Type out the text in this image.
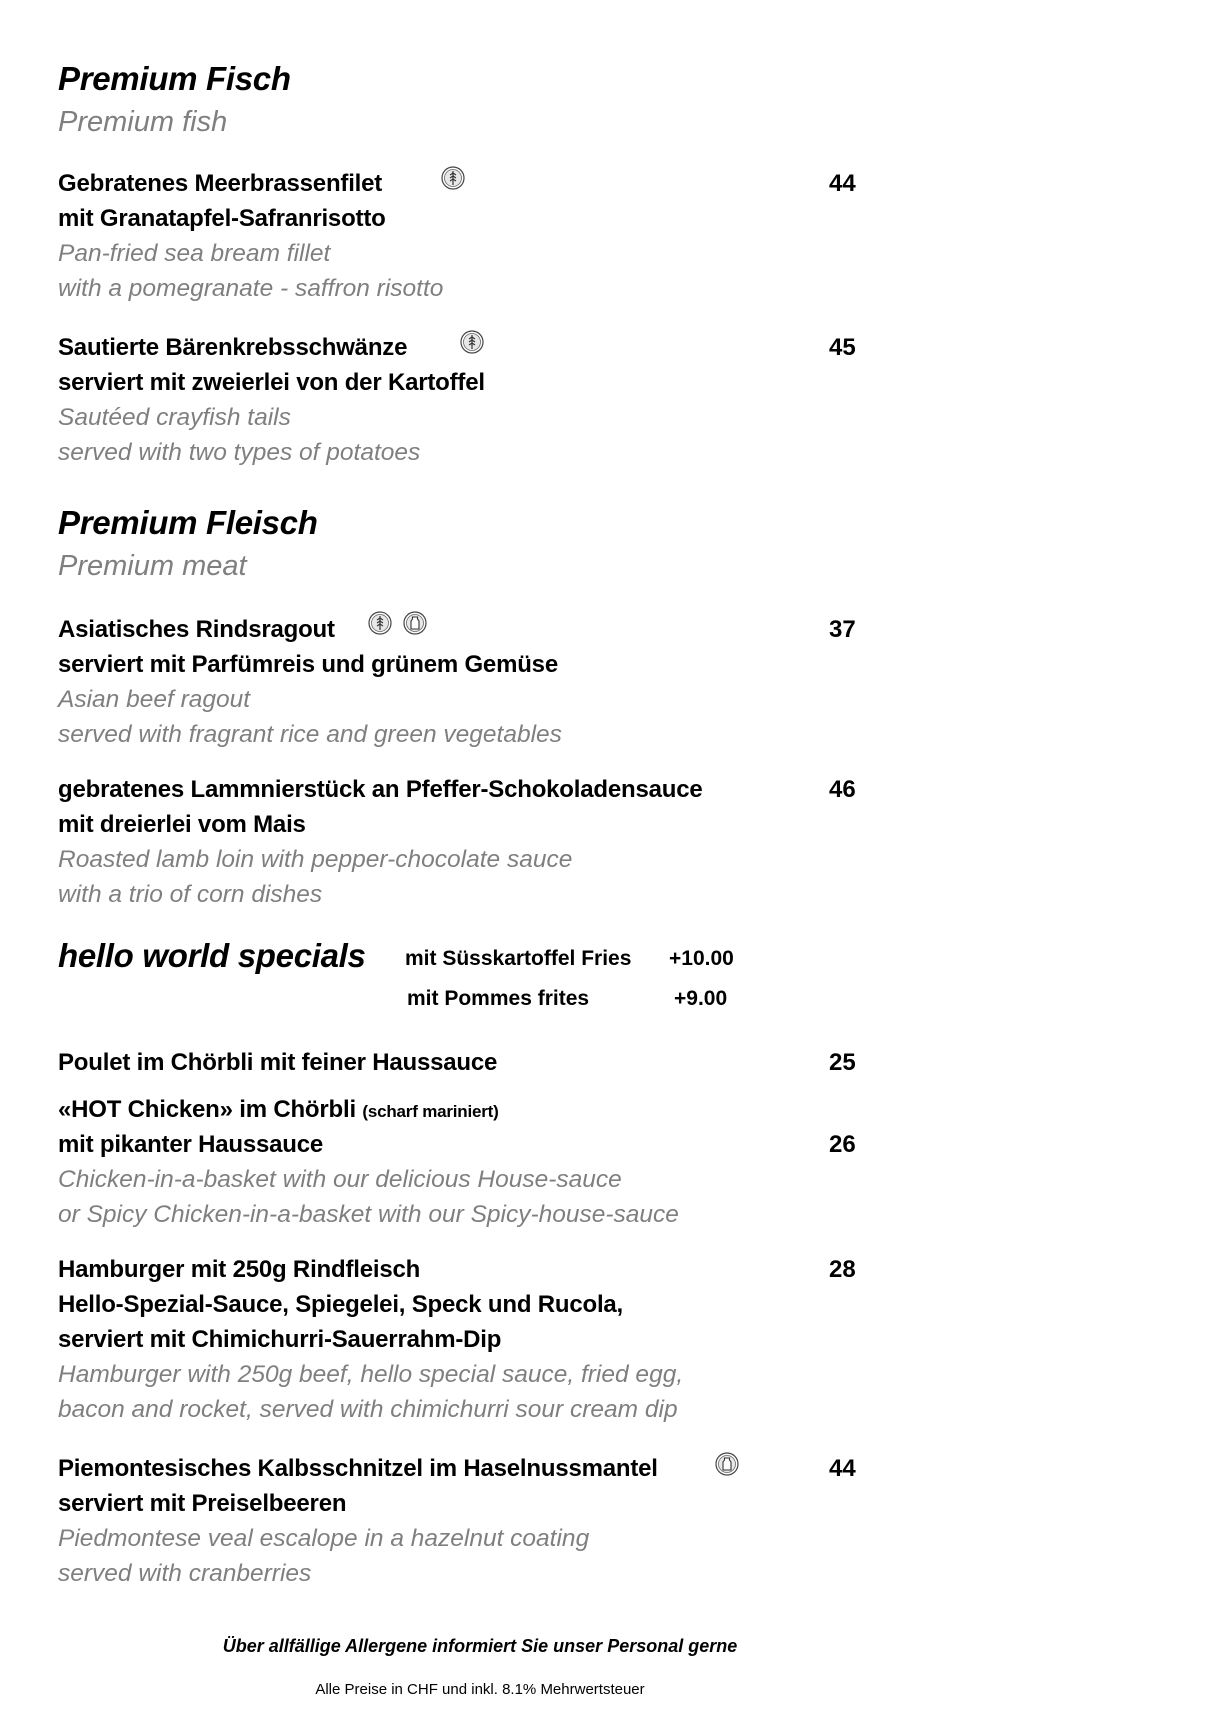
Premium Fisch
Premium fish
Gebratenes Meerbrassenfilet	44
mit Granatapfel-Safranrisotto
Pan-fried sea bream fillet
with a pomegranate - saffron risotto
Sautierte Bärenkrebsschwänze	45
serviert mit zweierlei von der Kartoffel
Sautéed crayfish tails
served with two types of potatoes
Premium Fleisch
Premium meat
Asiatisches Rindsragout	37
serviert mit Parfümreis und grünem Gemüse
Asian beef ragout
served with fragrant rice and green vegetables
gebratenes Lammnierstück an Pfeffer-Schokoladensauce	46
mit dreierlei vom Mais
Roasted lamb loin with pepper-chocolate sauce
with a trio of corn dishes
hello world specials mit Süsskartoffel Fries +10.00
mit Pommes frites	+9.00
Poulet im Chörbli mit feiner Haussauce	25
«HOT Chicken» im Chörbli (scharf mariniert)
mit pikanter Haussauce	26
Chicken-in-a-basket with our delicious House-sauce
or Spicy Chicken-in-a-basket with our Spicy-house-sauce
Hamburger mit 250g Rindfleisch	28
Hello-Spezial-Sauce, Spiegelei, Speck und Rucola,
serviert mit Chimichurri-Sauerrahm-Dip
Hamburger with 250g beef, hello special sauce, fried egg,
bacon and rocket, served with chimichurri sour cream dip
Piemontesisches Kalbsschnitzel im Haselnussmantel	44
serviert mit Preiselbeeren
Piedmontese veal escalope in a hazelnut coating
served with cranberries
Über allfällige Allergene informiert Sie unser Personal gerne
Alle Preise in CHF und inkl. 8.1% Mehrwertsteuer
